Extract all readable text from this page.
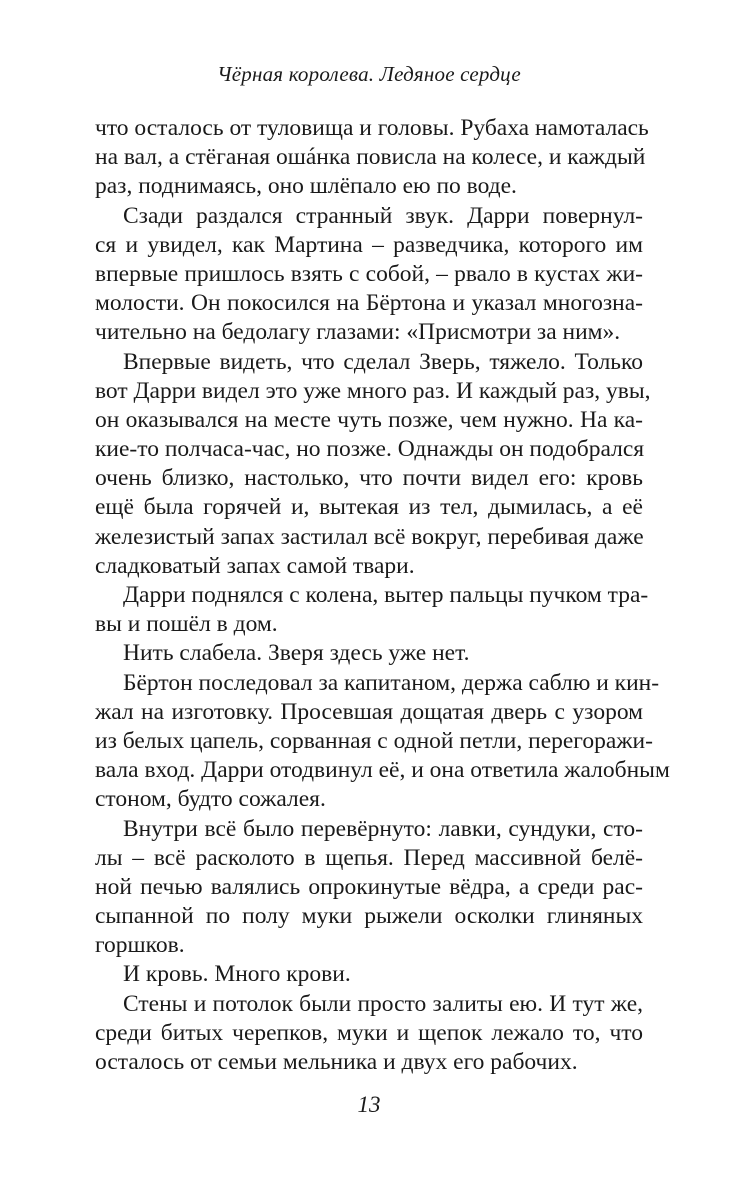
Чёрная королева. Ледяное сердце
что осталось от туловища и головы. Рубаха намоталась
на вал, а стёганая ошáнка повисла на колесе, и каждый
раз, поднимаясь, оно шлёпало ею по воде.
Сзади раздался странный звук. Дарри повернул-
ся и увидел, как Мартина – разведчика, которого им
впервые пришлось взять с собой, – рвало в кустах жи-
молости. Он покосился на Бёртона и указал многозна-
чительно на бедолагу глазами: «Присмотри за ним».
Впервые видеть, что сделал Зверь, тяжело. Только
вот Дарри видел это уже много раз. И каждый раз, увы,
он оказывался на месте чуть позже, чем нужно. На ка-
кие-то полчаса-час, но позже. Однажды он подобрался
очень близко, настолько, что почти видел его: кровь
ещё была горячей и, вытекая из тел, дымилась, а её
железистый запах застилал всё вокруг, перебивая даже
сладковатый запах самой твари.
Дарри поднялся с колена, вытер пальцы пучком тра-
вы и пошёл в дом.
Нить слабела. Зверя здесь уже нет.
Бёртон последовал за капитаном, держа саблю и кин-
жал на изготовку. Просевшая дощатая дверь с узором
из белых цапель, сорванная с одной петли, перегоражи-
вала вход. Дарри отодвинул её, и она ответила жалобным
стоном, будто сожалея.
Внутри всё было перевёрнуто: лавки, сундуки, сто-
лы – всё расколото в щепья. Перед массивной белё-
ной печью валялись опрокинутые вёдра, а среди рас-
сыпанной по полу муки рыжели осколки глиняных
горшков.
И кровь. Много крови.
Стены и потолок были просто залиты ею. И тут же,
среди битых черепков, муки и щепок лежало то, что
осталось от семьи мельника и двух его рабочих.
13
